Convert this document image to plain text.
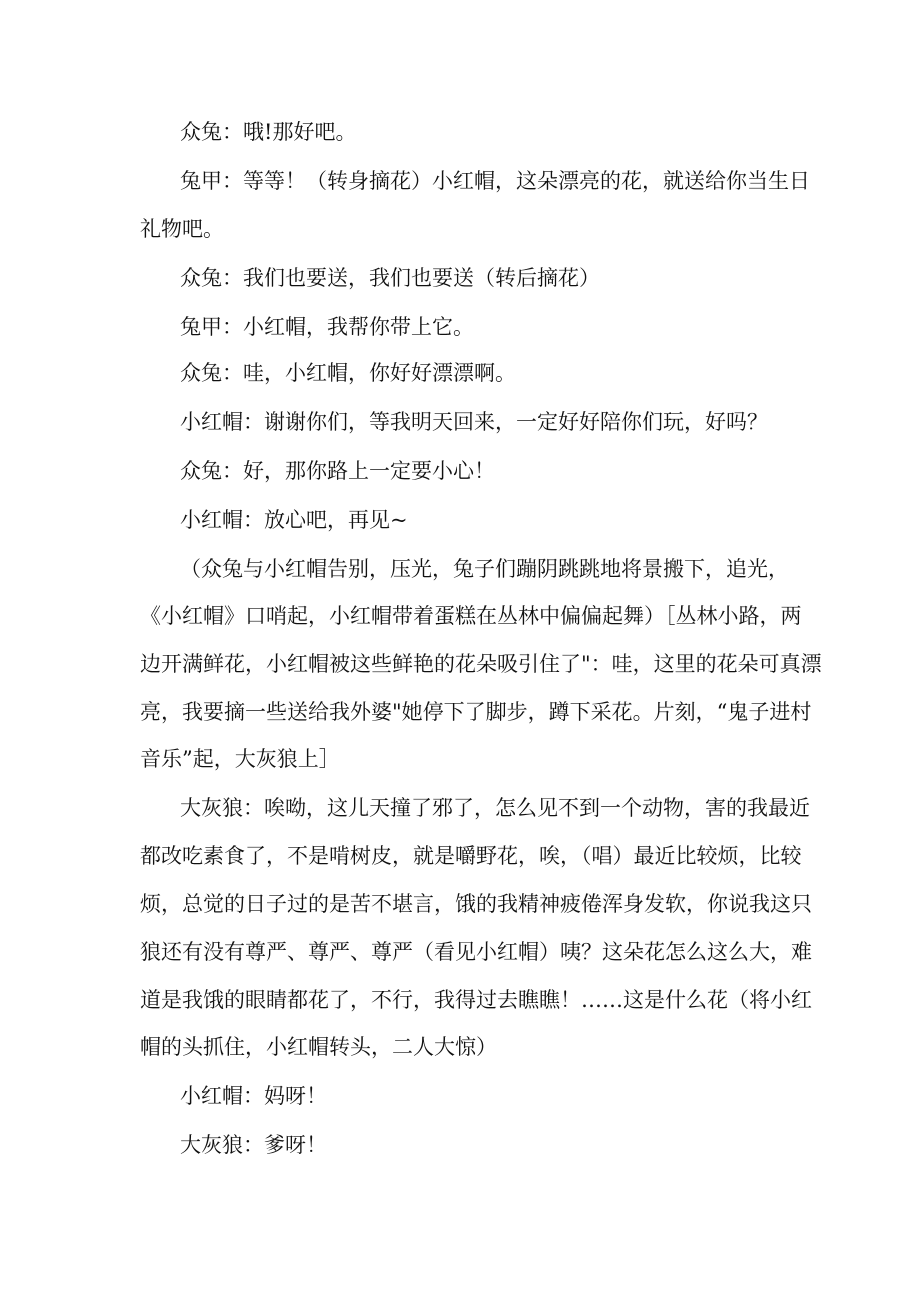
众兔：哦!那好吧。
兔甲：等等！（转身摘花）小红帽，这朵漂亮的花，就送给你当生日
礼物吧。
众兔：我们也要送，我们也要送（转后摘花）
兔甲：小红帽，我帮你带上它。
众兔：哇，小红帽，你好好漂漂啊。
小红帽：谢谢你们，等我明天回来，一定好好陪你们玩，好吗？
众兔：好，那你路上一定要小心！
小红帽：放心吧，再见~
（众兔与小红帽告别，压光，兔子们蹦阴跳跳地将景搬下，追光，
《小红帽》口哨起，小红帽带着蛋糕在丛林中偏偏起舞）［丛林小路，两
边开满鲜花，小红帽被这些鲜艳的花朵吸引住了"：哇，这里的花朵可真漂
亮，我要摘一些送给我外婆"她停下了脚步，蹲下采花。片刻，“鬼子进村
音乐”起，大灰狼上］
大灰狼：唉呦，这儿天撞了邪了，怎么见不到一个动物，害的我最近
都改吃素食了，不是啃树皮，就是嚼野花，唉，（唱）最近比较烦，比较
烦，总觉的日子过的是苦不堪言，饿的我精神疲倦浑身发软，你说我这只
狼还有没有尊严、尊严、尊严（看见小红帽）咦？这朵花怎么这么大，难
道是我饿的眼睛都花了，不行，我得过去瞧瞧！……这是什么花（将小红
帽的头抓住，小红帽转头，二人大惊）
小红帽：妈呀！
大灰狼：爹呀！
